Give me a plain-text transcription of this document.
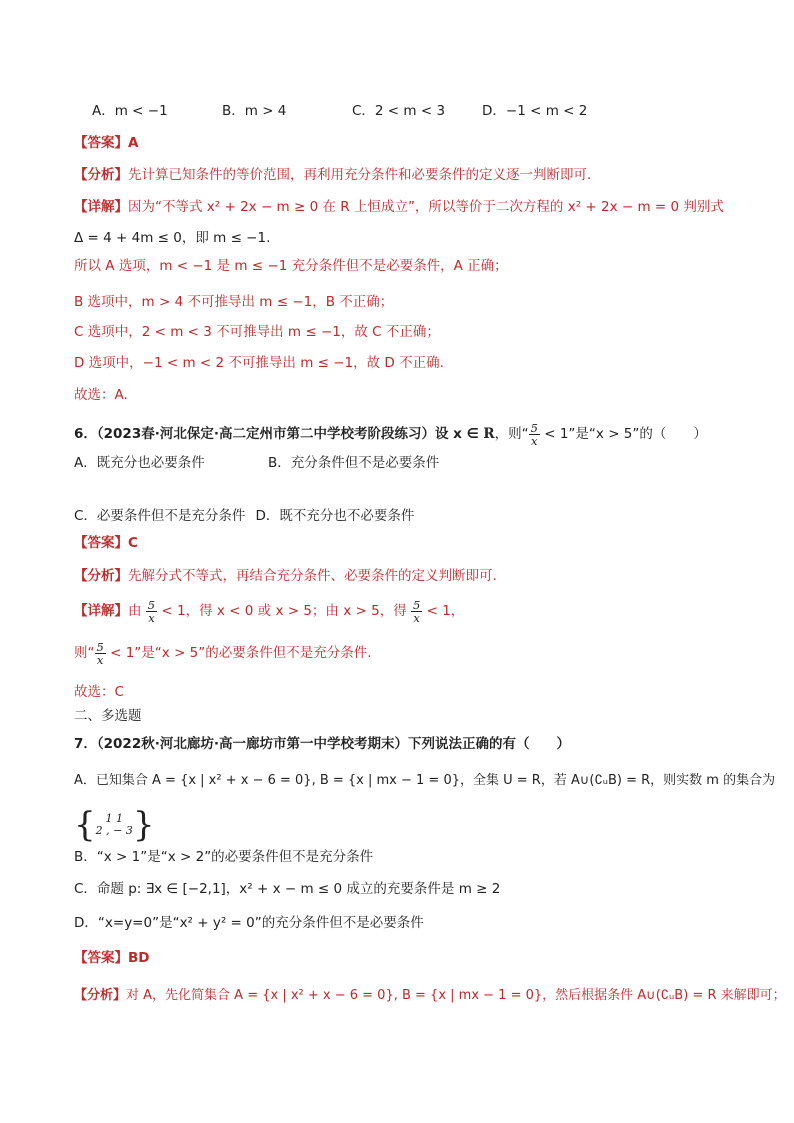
A．m < −1	B．m > 4	C．2 < m < 3	D．−1 < m < 2
【答案】A
【分析】先计算已知条件的等价范围，再利用充分条件和必要条件的定义逐一判断即可.
【详解】因为“不等式 x² + 2x − m ≥ 0 在 R 上恒成立”，所以等价于二次方程的 x² + 2x − m = 0 判别式
Δ = 4 + 4m ≤ 0，即 m ≤ −1.
所以 A 选项，m < −1 是 m ≤ −1 充分条件但不是必要条件，A 正确；
B 选项中，m > 4 不可推导出 m ≤ −1，B 不正确；
C 选项中，2 < m < 3 不可推导出 m ≤ −1，故 C 不正确；
D 选项中，−1 < m < 2 不可推导出 m ≤ −1，故 D 不正确.
故选：A.
6．（2023春·河北保定·高二定州市第二中学校考阶段练习）设 x ∈ R，则“ $\frac{5}{x} < 1$”是“x > 5”的（　　）
A．既充分也必要条件	B．充分条件但不是必要条件
C．必要条件但不是充分条件 D．既不充分也不必要条件
【答案】C
【分析】先解分式不等式，再结合充分条件、必要条件的定义判断即可.
【详解】由 $\frac{5}{x} < 1$，得 x < 0 或 x > 5；由 x > 5，得 $\frac{5}{x} < 1$，
则“ $\frac{5}{x} < 1$”是“x > 5”的必要条件但不是充分条件.
故选：C
二、多选题
7．（2022秋·河北廊坊·高一廊坊市第一中学校考期末）下列说法正确的有（　　）
A．已知集合 A = {x | x² + x − 6 = 0}, B = {x | mx − 1 = 0}，全集 U = R，若 A∪(∁ᵤB) = R，则实数 m 的集合为
{ 1 1
2 , − 3 }
B．“x > 1”是“x > 2”的必要条件但不是充分条件
C．命题 p: ∃x ∈ [−2,1]，x² + x − m ≤ 0 成立的充要条件是 m ≥ 2
D．“x=y=0”是“x² + y² = 0”的充分条件但不是必要条件
【答案】BD
【分析】对 A，先化简集合 A = {x | x² + x − 6 = 0}, B = {x | mx − 1 = 0}，然后根据条件 A∪(∁ᵤB) = R 来解即可；
